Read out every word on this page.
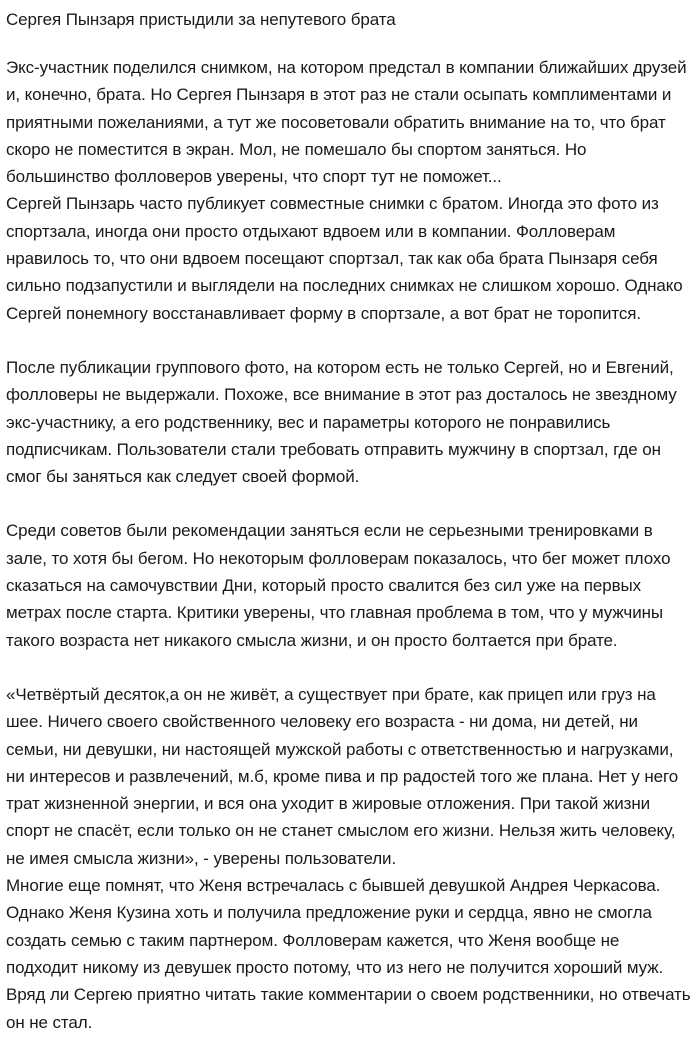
Сергея Пынзаря пристыдили за непутевого брата

Экс-участник поделился снимком, на котором предстал в компании ближайших друзей и, конечно, брата. Но Сергея Пынзаря в этот раз не стали осыпать комплиментами и приятными пожеланиями, а тут же посоветовали обратить внимание на то, что брат скоро не поместится в экран. Мол, не помешало бы спортом заняться. Но большинство фолловеров уверены, что спорт тут не поможет...

Сергей Пынзарь часто публикует совместные снимки с братом. Иногда это фото из спортзала, иногда они просто отдыхают вдвоем или в компании. Фолловерам нравилось то, что они вдвоем посещают спортзал, так как оба брата Пынзаря себя сильно подзапустили и выглядели на последних снимках не слишком хорошо. Однако Сергей понемногу восстанавливает форму в спортзале, а вот брат не торопится.

После публикации группового фото, на котором есть не только Сергей, но и Евгений, фолловеры не выдержали. Похоже, все внимание в этот раз досталось не звездному экс-участнику, а его родственнику, вес и параметры которого не понравились подписчикам. Пользователи стали требовать отправить мужчину в спортзал, где он смог бы заняться как следует своей формой.

Среди советов были рекомендации заняться если не серьезными тренировками в зале, то хотя бы бегом. Но некоторым фолловерам показалось, что бег может плохо сказаться на самочувствии Дни, который просто свалится без сил уже на первых метрах после старта. Критики уверены, что главная проблема в том, что у мужчины такого возраста нет никакого смысла жизни, и он просто болтается при брате.

«Четвёртый десяток,а он не живёт, а существует при брате, как прицеп или груз на шее. Ничего своего свойственного человеку его возраста - ни дома, ни детей, ни семьи, ни девушки, ни настоящей мужской работы с ответственностью и нагрузками, ни интересов и развлечений, м.б, кроме пива и пр радостей того же плана. Нет у него трат жизненной энергии, и вся она уходит в жировые отложения. При такой жизни спорт не спасёт, если только он не станет смыслом его жизни. Нельзя жить человеку, не имея смысла жизни», - уверены пользователи.

Многие еще помнят, что Женя встречалась с бывшей девушкой Андрея Черкасова. Однако Женя Кузина хоть и получила предложение руки и сердца, явно не смогла создать семью с таким партнером. Фолловерам кажется, что Женя вообще не подходит никому из девушек просто потому, что из него не получится хороший муж. Вряд ли Сергею приятно читать такие комментарии о своем родственники, но отвечать он не стал.
